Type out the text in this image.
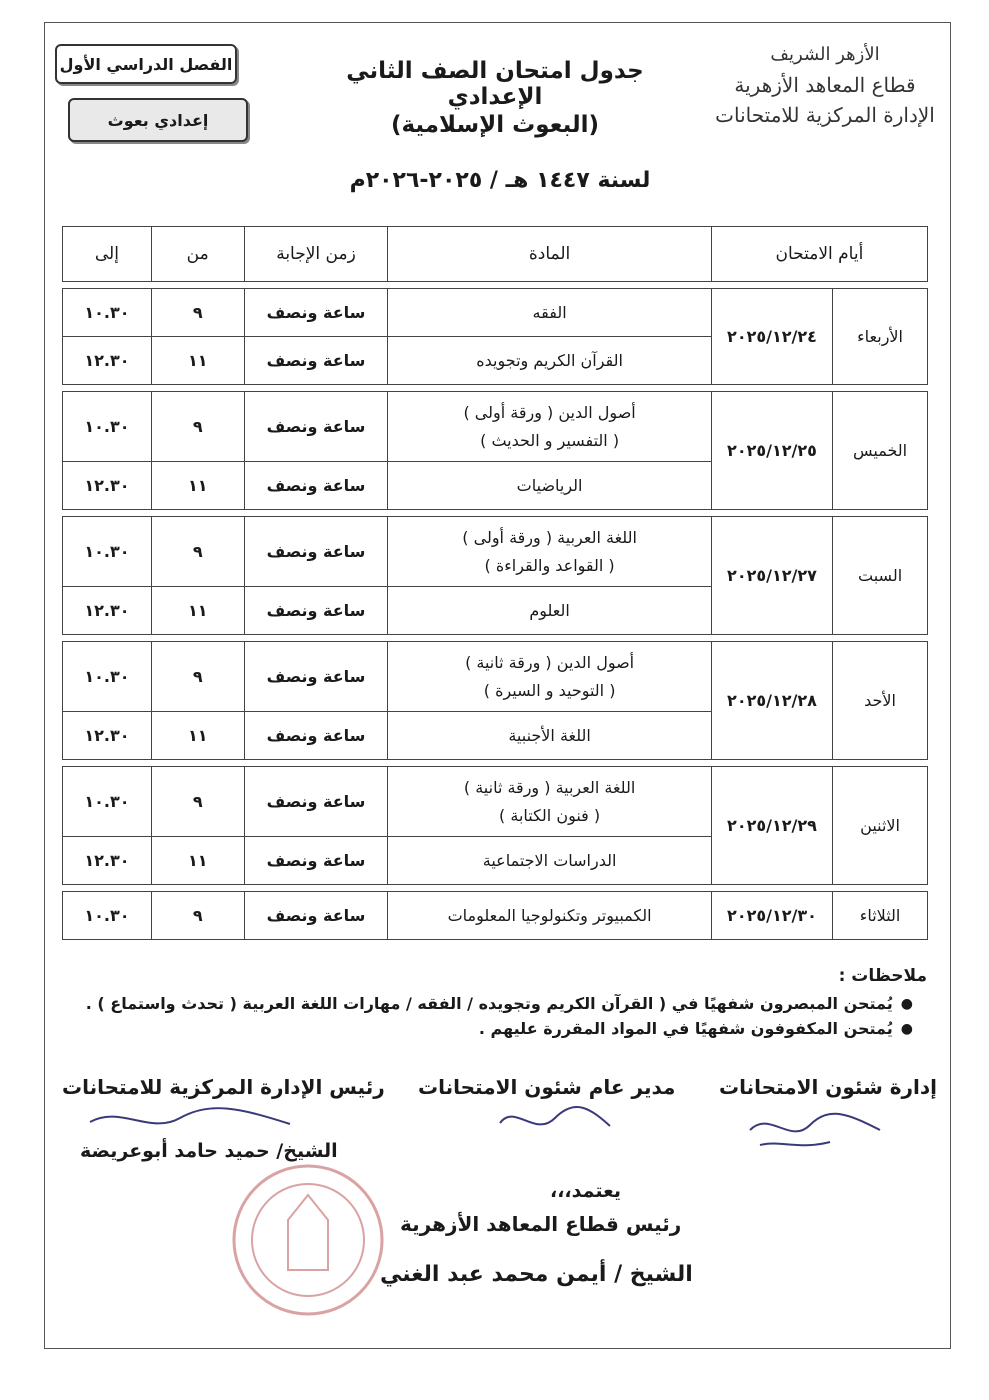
الفصل الدراسي الأول
إعدادي بعوث
جدول امتحان الصف الثاني الإعدادي
(البعوث الإسلامية)
لسنة ١٤٤٧ هـ / ٢٠٢٥-٢٠٢٦م
الأزهر الشريف
قطاع المعاهد الأزهرية
الإدارة المركزية للامتحانات
أيام الامتحان		المادة	زمن الإجابة	من	إلى

الأربعاء	٢٠٢٥/١٢/٢٤	الفقه	ساعة ونصف	٩	١٠.٣٠

		القرآن الكريم وتجويده	ساعة ونصف	١١	١٢.٣٠

الخميس	٢٠٢٥/١٢/٢٥	أصول الدين ( ورقة أولى )
( التفسير و الحديث )	ساعة ونصف	٩	١٠.٣٠

		الرياضيات	ساعة ونصف	١١	١٢.٣٠

السبت	٢٠٢٥/١٢/٢٧	اللغة العربية ( ورقة أولى )
( القواعد والقراءة )	ساعة ونصف	٩	١٠.٣٠

		العلوم	ساعة ونصف	١١	١٢.٣٠

الأحد	٢٠٢٥/١٢/٢٨	أصول الدين ( ورقة ثانية )
( التوحيد و السيرة )	ساعة ونصف	٩	١٠.٣٠

		اللغة الأجنبية	ساعة ونصف	١١	١٢.٣٠

الاثنين	٢٠٢٥/١٢/٢٩	اللغة العربية ( ورقة ثانية )
( فنون الكتابة )	ساعة ونصف	٩	١٠.٣٠

		الدراسات الاجتماعية	ساعة ونصف	١١	١٢.٣٠

الثلاثاء	٢٠٢٥/١٢/٣٠	الكمبيوتر وتكنولوجيا المعلومات	ساعة ونصف	٩	١٠.٣٠
ملاحظات :
●
يُمتحن المبصرون شفهيًا في ( القرآن الكريم وتجويده / الفقه / مهارات اللغة العربية ( تحدث واستماع ) .
●
يُمتحن المكفوفون شفهيًا في المواد المقررة عليهم .
إدارة شئون الامتحانات
مدير عام شئون الامتحانات
رئيس الإدارة المركزية للامتحانات
الشيخ/ حميد حامد أبوعريضة
يعتمد،،،
رئيس قطاع المعاهد الأزهرية
الشيخ / أيمن محمد عبد الغني
